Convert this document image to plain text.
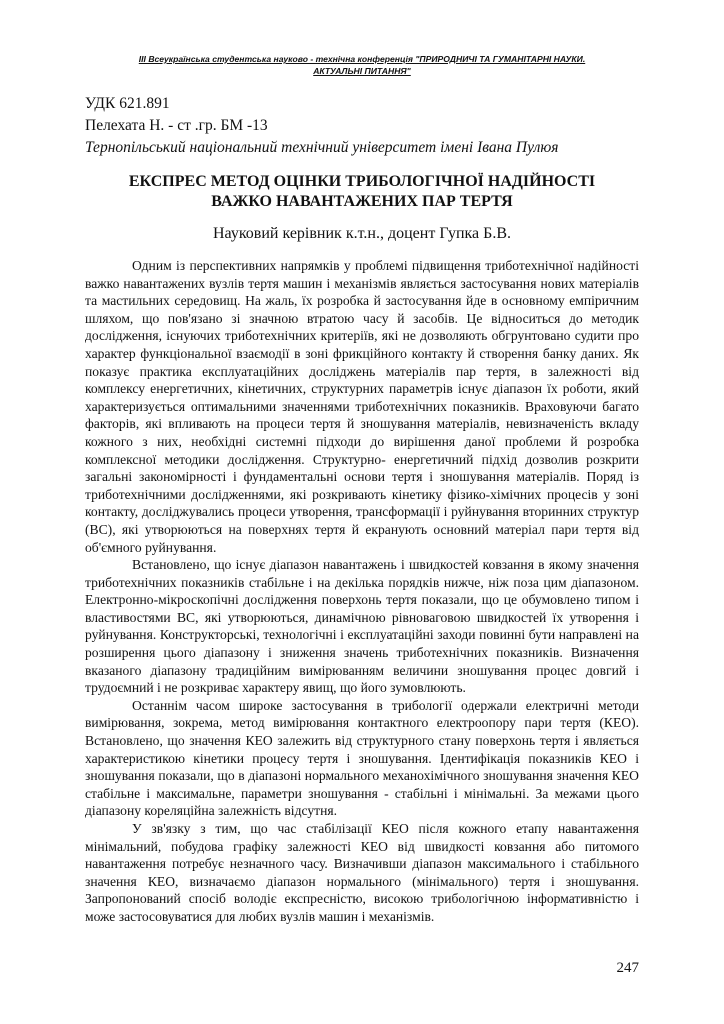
ІІІ Всеукраїнська студентська науково - технічна конференція "ПРИРОДНИЧІ ТА ГУМАНІТАРНІ НАУКИ.
АКТУАЛЬНІ ПИТАННЯ"
УДК 621.891
Пелехата Н. - ст .гр. БМ -13
Тернопільський національний технічний університет імені Івана Пулюя
ЕКСПРЕС МЕТОД ОЦІНКИ ТРИБОЛОГІЧНОЇ НАДІЙНОСТІ
ВАЖКО НАВАНТАЖЕНИХ ПАР ТЕРТЯ
Науковий керівник к.т.н., доцент Гупка Б.В.

Одним із перспективних напрямків у проблемі підвищення триботехнічної надійності важко навантажених вузлів тертя машин і механізмів являється застосування нових матеріалів та мастильних середовищ. На жаль, їх розробка й застосування йде в основному емпіричним шляхом, що пов'язано зі значною втратою часу й засобів. Це відноситься до методик дослідження, існуючих триботехнічних критеріїв, які не дозволяють обгрунтовано судити про характер функціональної взаємодії в зоні фрикційного контакту й створення банку даних. Як показує практика експлуатаційних досліджень матеріалів пар тертя, в залежності від комплексу енергетичних, кінетичних, структурних параметрів існує діапазон їх роботи, який характеризується оптимальними значеннями триботехнічних показників. Враховуючи багато факторів, які впливають на процеси тертя й зношування матеріалів, невизначеність вкладу кожного з них, необхідні системні підходи до вирішення даної проблеми й розробка комплексної методики дослідження. Структурно- енергетичний підхід дозволив розкрити загальні закономірності і фундаментальні основи тертя і зношування матеріалів. Поряд із триботехнічними дослідженнями, які розкривають кінетику фізико-хімічних процесів у зоні контакту, досліджувались процеси утворення, трансформації і руйнування вторинних структур (ВС), які утворюються на поверхнях тертя й екранують основний матеріал пари тертя від об'ємного руйнування.

Встановлено, що існує діапазон навантажень і швидкостей ковзання в якому значення триботехнічних показників стабільне і на декілька порядків нижче, ніж поза цим діапазоном. Електронно-мікроскопічні дослідження поверхонь тертя показали, що це обумовлено типом і властивостями ВС, які утворюються, динамічною рівноваговою швидкостей їх утворення і руйнування. Конструкторські, технологічні і експлуатаційні заходи повинні бути направлені на розширення цього діапазону і зниження значень триботехнічних показників. Визначення вказаного діапазону традиційним вимірюванням величини зношування процес довгий і трудоємний і не розкриває характеру явищ, що його зумовлюють.

Останнім часом широке застосування в трибології одержали електричні методи вимірювання, зокрема, метод вимірювання контактного електроопору пари тертя (КЕО). Встановлено, що значення КЕО залежить від структурного стану поверхонь тертя і являється характеристикою кінетики процесу тертя і зношування. Ідентифікація показників КЕО і зношування показали, що в діапазоні нормального механохімічного зношування значення КЕО стабільне і максимальне, параметри зношування - стабільні і мінімальні. За межами цього діапазону кореляційна залежність відсутня.

У зв'язку з тим, що час стабілізації КЕО після кожного етапу навантаження мінімальний, побудова графіку залежності КЕО від швидкості ковзання або питомого навантаження потребує незначного часу. Визначивши діапазон максимального і стабільного значення КЕО, визначаємо діапазон нормального (мінімального) тертя і зношування. Запропонований спосіб володіє експресністю, високою трибологічною інформативністю і може застосовуватися для любих вузлів машин і механізмів.

247
